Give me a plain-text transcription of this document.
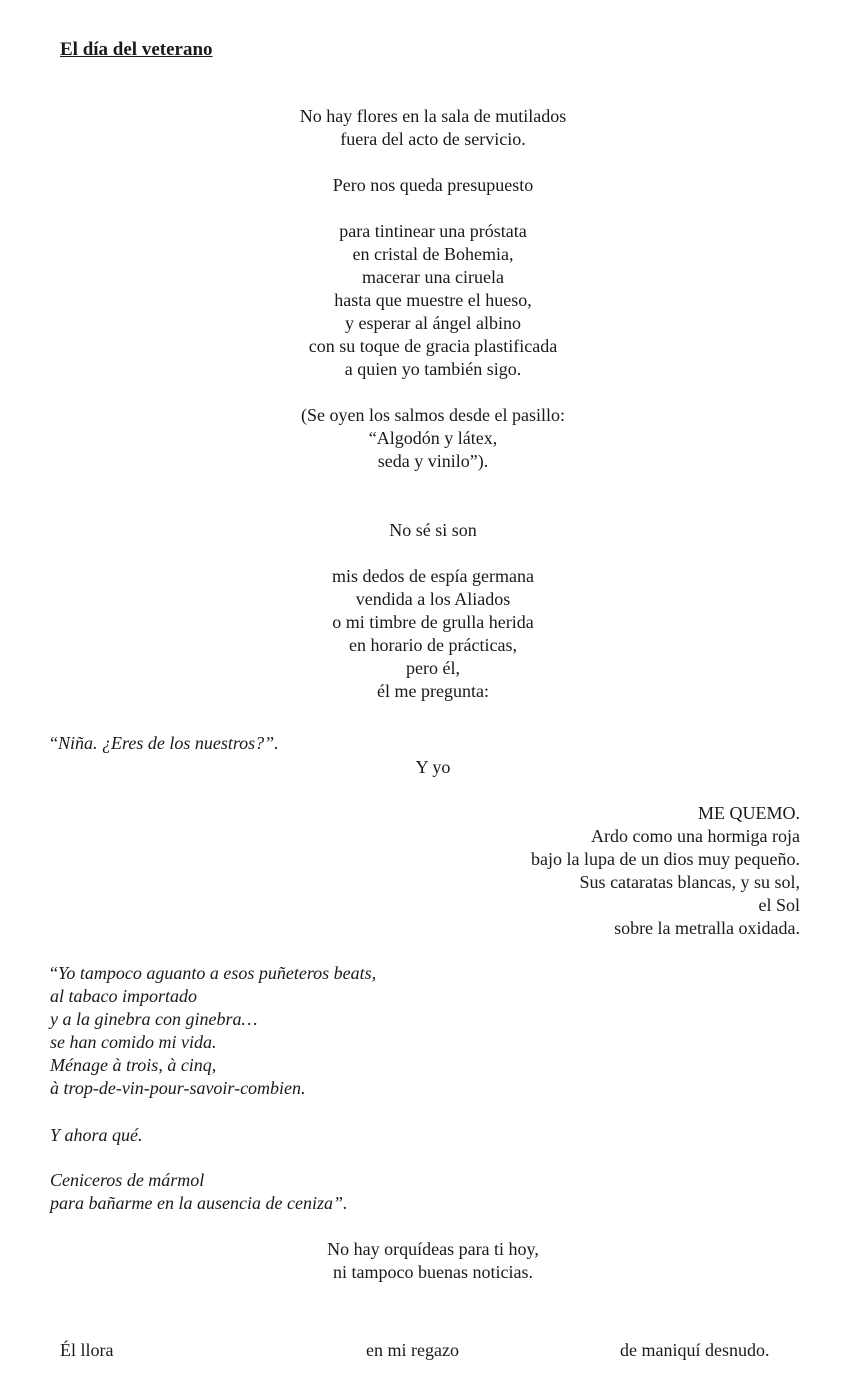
El día del veterano
No hay flores en la sala de mutilados
fuera del acto de servicio.
Pero nos queda presupuesto
para tintinear una próstata
en cristal de Bohemia,
macerar una ciruela
hasta que muestre el hueso,
y esperar al ángel albino
con su toque de gracia plastificada
a quien yo también sigo.
(Se oyen los salmos desde el pasillo:
“Algodón y látex,
seda y vinilo”).
No sé si son
mis dedos de espía germana
vendida a los Aliados
o mi timbre de grulla herida
en horario de prácticas,
pero él,
él me pregunta:
“Niña. ¿Eres de los nuestros?”.
Y yo
ME QUEMO.
Ardo como una hormiga roja
bajo la lupa de un dios muy pequeño.
Sus cataratas blancas, y su sol,
el Sol
sobre la metralla oxidada.
“Yo tampoco aguanto a esos puñeteros beats,
al tabaco importado
y a la ginebra con ginebra…
se han comido mi vida.
Ménage à trois, à cinq,
à trop-de-vin-pour-savoir-combien.
Y ahora qué.
Ceniceros de mármol
para bañarme en la ausencia de ceniza”.
No hay orquídeas para ti hoy,
ni tampoco buenas noticias.
Él llora	en mi regazo	de maniquí desnudo.
